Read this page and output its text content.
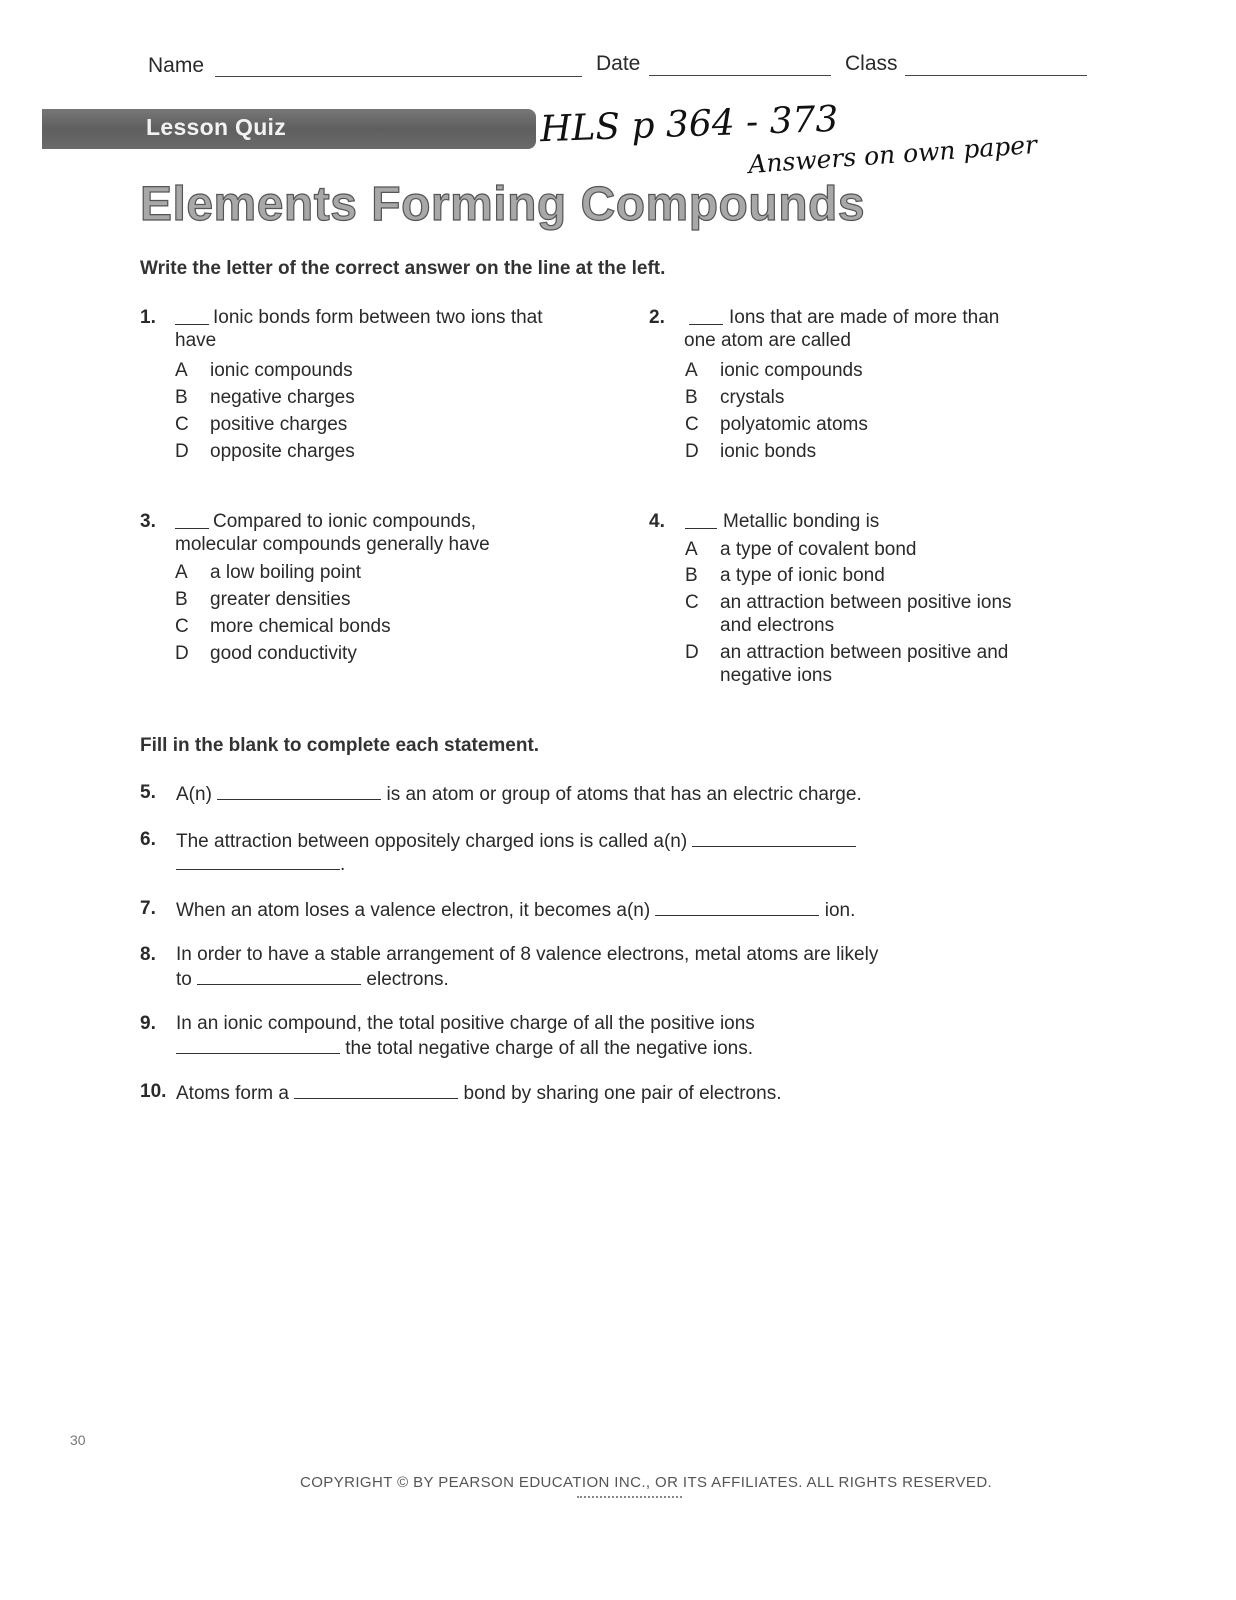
Name	Date	Class
Lesson Quiz	HLS p 364 - 373
Answers on own paper
Elements Forming Compounds
Write the letter of the correct answer on the line at the left.
1.	Ionic bonds form between two ions that
have
A ionic compounds
B negative charges
C positive charges
D opposite charges
2.	Ions that are made of more than
one atom are called
A ionic compounds
B crystals
C polyatomic atoms
D ionic bonds
3.	Compared to ionic compounds,
molecular compounds generally have
A a low boiling point
B greater densities
C more chemical bonds
D good conductivity
4.	Metallic bonding is
A a type of covalent bond
B a type of ionic bond
C an attraction between positive ions
and electrons
D an attraction between positive and
negative ions
Fill in the blank to complete each statement.
5. A(n)	is an atom or group of atoms that has an electric charge.
6. The attraction between oppositely charged ions is called a(n)
.
7. When an atom loses a valence electron, it becomes a(n)	ion.
8. In order to have a stable arrangement of 8 valence electrons, metal atoms are likely
to	electrons.
9. In an ionic compound, the total positive charge of all the positive ions
the total negative charge of all the negative ions.
10. Atoms form a	bond by sharing one pair of electrons.
30
COPYRIGHT © BY PEARSON EDUCATION INC., OR ITS AFFILIATES. ALL RIGHTS RESERVED.
